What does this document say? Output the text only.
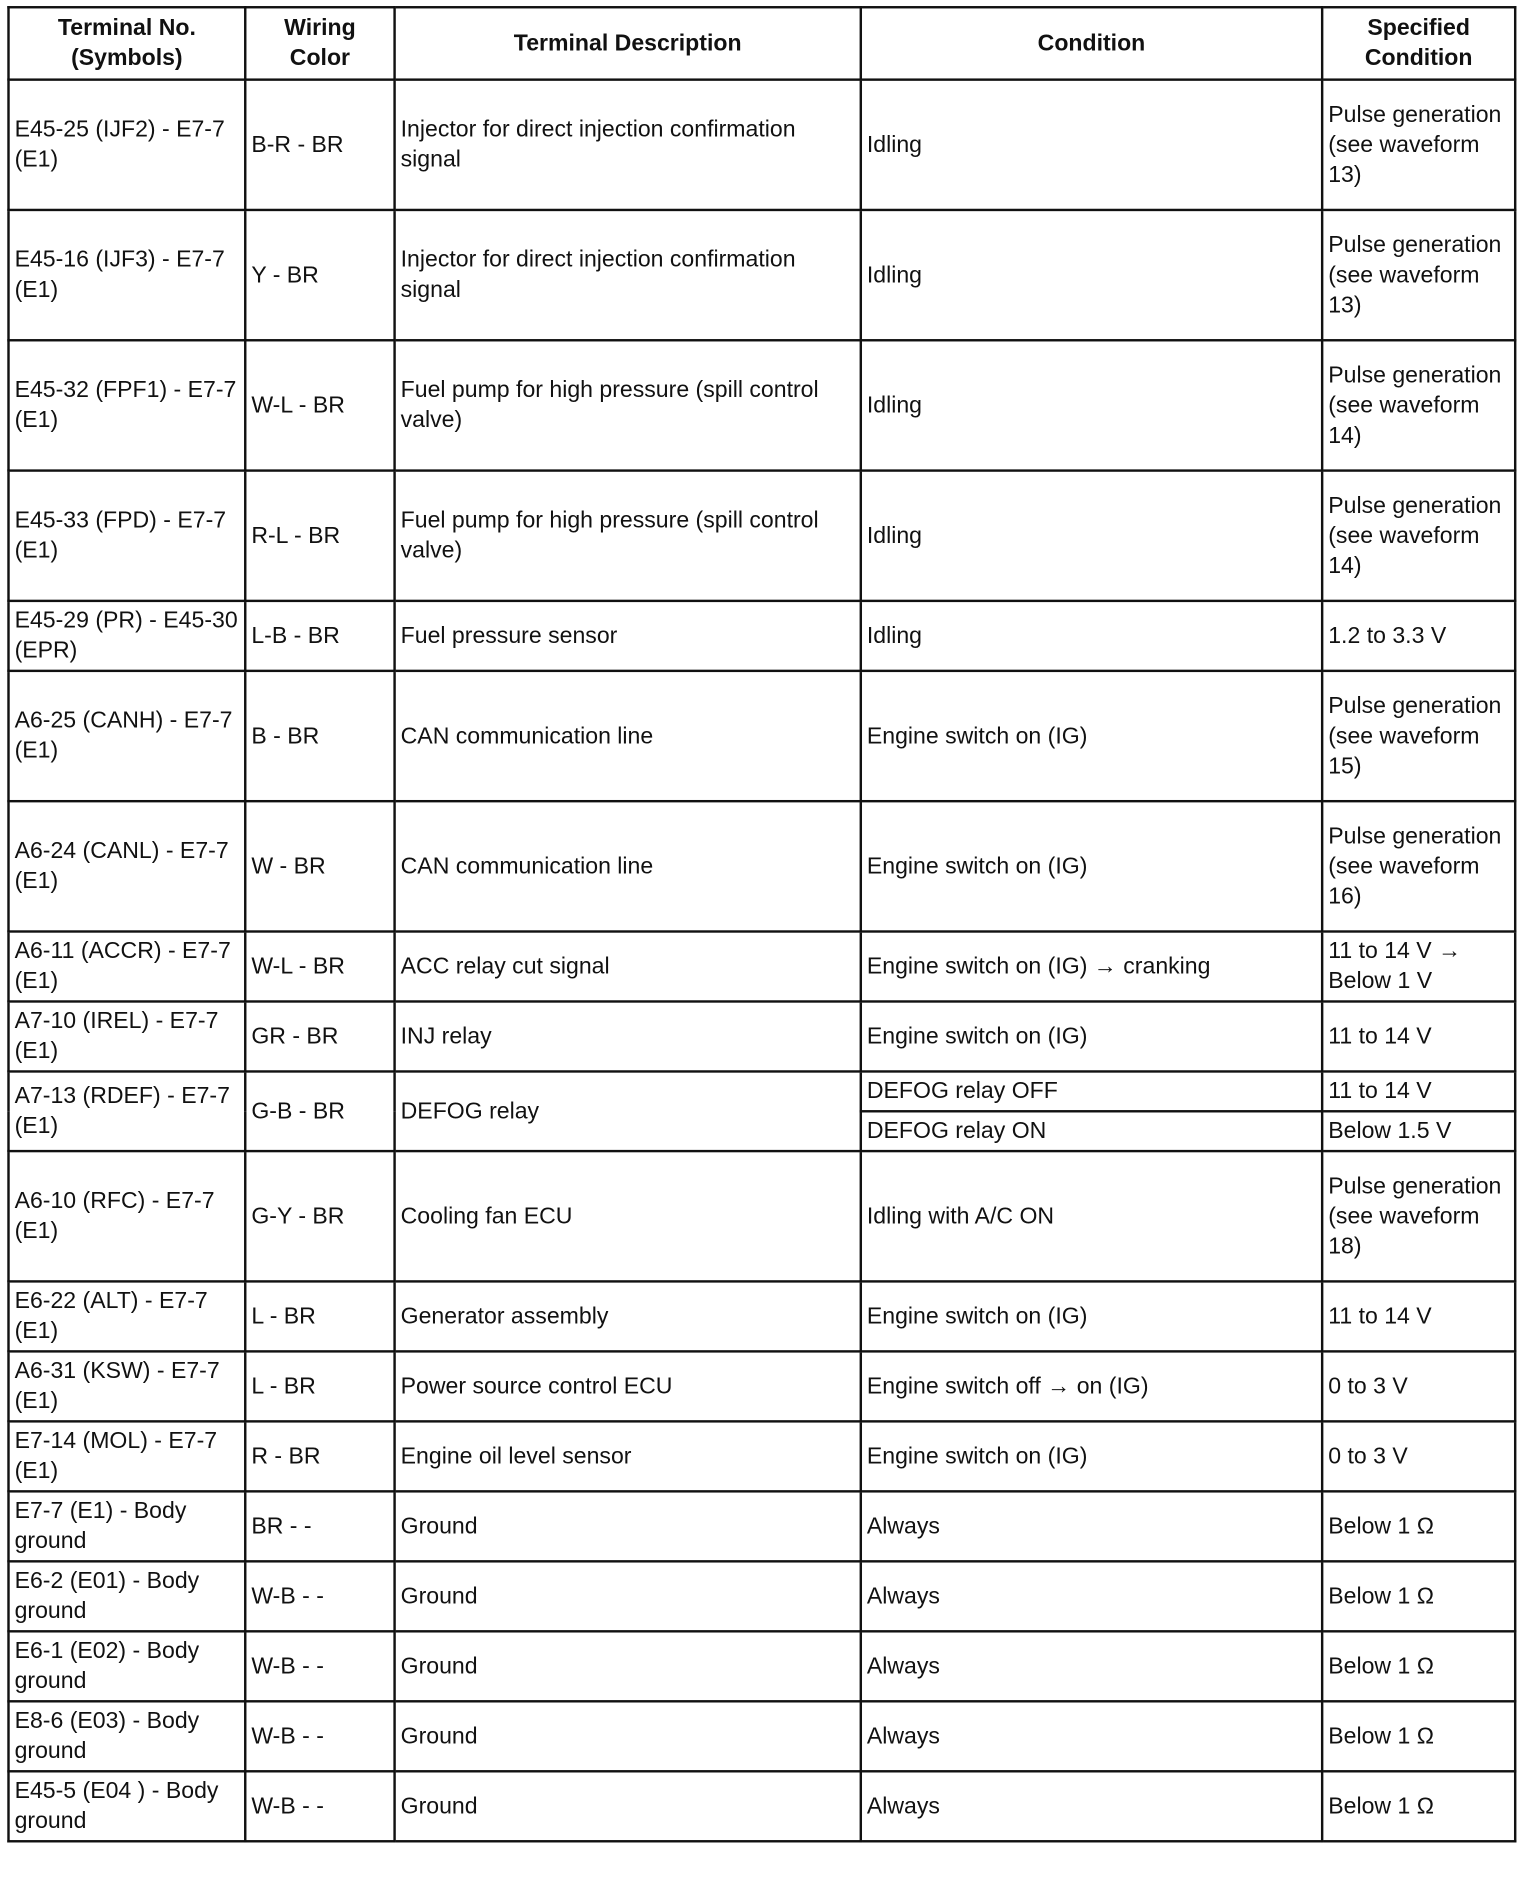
Terminal No. (Symbols)	Wiring Color	Terminal Description	Condition	Specified Condition
E45-25 (IJF2) - E7-7 (E1)	B-R - BR	Injector for direct injection confirmation signal	Idling	Pulse generation (see waveform 13)
E45-16 (IJF3) - E7-7 (E1)	Y - BR	Injector for direct injection confirmation signal	Idling	Pulse generation (see waveform 13)
E45-32 (FPF1) - E7-7 (E1)	W-L - BR	Fuel pump for high pressure (spill control valve)	Idling	Pulse generation (see waveform 14)
E45-33 (FPD) - E7-7 (E1)	R-L - BR	Fuel pump for high pressure (spill control valve)	Idling	Pulse generation (see waveform 14)
E45-29 (PR) - E45-30 (EPR)	L-B - BR	Fuel pressure sensor	Idling	1.2 to 3.3 V
A6-25 (CANH) - E7-7 (E1)	B - BR	CAN communication line	Engine switch on (IG)	Pulse generation (see waveform 15)
A6-24 (CANL) - E7-7 (E1)	W - BR	CAN communication line	Engine switch on (IG)	Pulse generation (see waveform 16)
A6-11 (ACCR) - E7-7 (E1)	W-L - BR	ACC relay cut signal	Engine switch on (IG) → cranking	11 to 14 V → Below 1 V
A7-10 (IREL) - E7-7 (E1)	GR - BR	INJ relay	Engine switch on (IG)	11 to 14 V
A7-13 (RDEF) - E7-7 (E1)	G-B - BR	DEFOG relay	DEFOG relay OFF	11 to 14 V
			DEFOG relay ON	Below 1.5 V
A6-10 (RFC) - E7-7 (E1)	G-Y - BR	Cooling fan ECU	Idling with A/C ON	Pulse generation (see waveform 18)
E6-22 (ALT) - E7-7 (E1)	L - BR	Generator assembly	Engine switch on (IG)	11 to 14 V
A6-31 (KSW) - E7-7 (E1)	L - BR	Power source control ECU	Engine switch off → on (IG)	0 to 3 V
E7-14 (MOL) - E7-7 (E1)	R - BR	Engine oil level sensor	Engine switch on (IG)	0 to 3 V
E7-7 (E1) - Body ground	BR - -	Ground	Always	Below 1 Ω
E6-2 (E01) - Body ground	W-B - -	Ground	Always	Below 1 Ω
E6-1 (E02) - Body ground	W-B - -	Ground	Always	Below 1 Ω
E8-6 (E03) - Body ground	W-B - -	Ground	Always	Below 1 Ω
E45-5 (E04 ) - Body ground	W-B - -	Ground	Always	Below 1 Ω
